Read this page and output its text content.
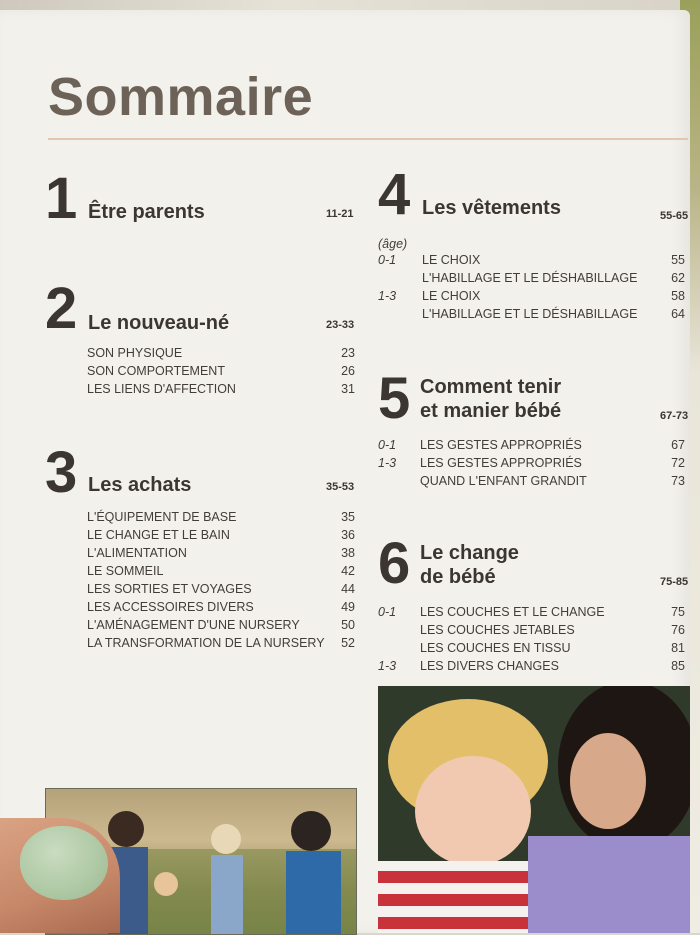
Sommaire
(âge)
1 Être parents	11-21
2 Le nouveau-né	23-33
SON PHYSIQUE	23
SON COMPORTEMENT	26
LES LIENS D'AFFECTION	31
3 Les achats	35-53
L'ÉQUIPEMENT DE BASE	35
LE CHANGE ET LE BAIN	36
L'ALIMENTATION	38
LE SOMMEIL	42
LES SORTIES ET VOYAGES	44
LES ACCESSOIRES DIVERS	49
L'AMÉNAGEMENT D'UNE NURSERY	50
LA TRANSFORMATION DE LA NURSERY 52
4 Les vêtements	55-65
0-1 LE CHOIX	55
L'HABILLAGE ET LE DÉSHABILLAGE	62
1-3 LE CHOIX	58
L'HABILLAGE ET LE DÉSHABILLAGE	64
5 Comment tenir
et manier bébé	67-73
0-1 LES GESTES APPROPRIÉS	67
1-3 LES GESTES APPROPRIÉS	72
QUAND L'ENFANT GRANDIT	73
6 Le change
de bébé	75-85
0-1 LES COUCHES ET LE CHANGE	75
LES COUCHES JETABLES	76
LES COUCHES EN TISSU	81
1-3 LES DIVERS CHANGES	85
